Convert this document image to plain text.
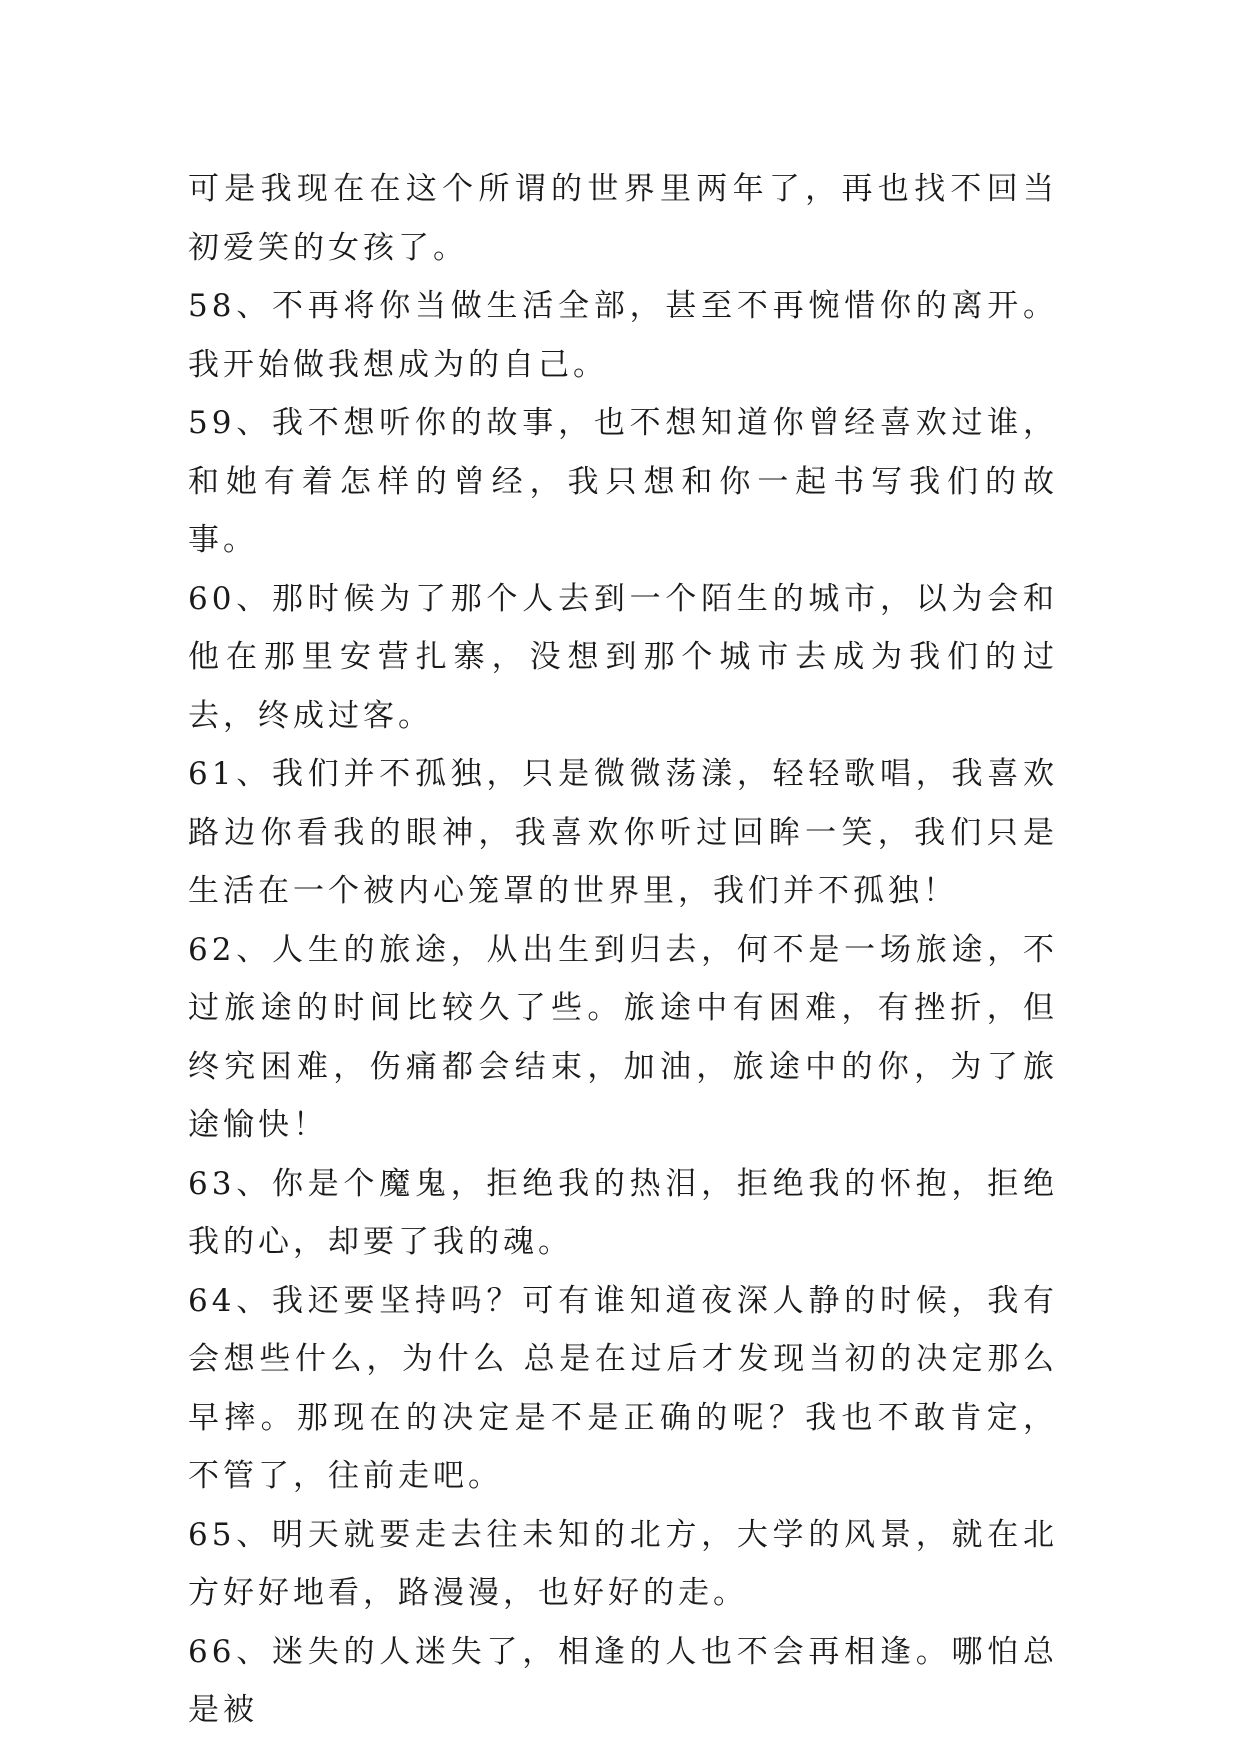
可是我现在在这个所谓的世界里两年了，再也找不回当初爱笑的女孩了。

58、不再将你当做生活全部，甚至不再惋惜你的离开。我开始做我想成为的自己。

59、我不想听你的故事，也不想知道你曾经喜欢过谁，和她有着怎样的曾经，我只想和你一起书写我们的故事。

60、那时候为了那个人去到一个陌生的城市，以为会和他在那里安营扎寨，没想到那个城市去成为我们的过去，终成过客。

61、我们并不孤独，只是微微荡漾，轻轻歌唱，我喜欢路边你看我的眼神，我喜欢你听过回眸一笑，我们只是生活在一个被内心笼罩的世界里，我们并不孤独！

62、人生的旅途，从出生到归去，何不是一场旅途，不过旅途的时间比较久了些。旅途中有困难，有挫折，但终究困难，伤痛都会结束，加油，旅途中的你，为了旅途愉快！

63、你是个魔鬼，拒绝我的热泪，拒绝我的怀抱，拒绝我的心，却要了我的魂。

64、我还要坚持吗？可有谁知道夜深人静的时候，我有会想些什么，为什么 总是在过后才发现当初的决定那么早摔。那现在的决定是不是正确的呢？我也不敢肯定，不管了，往前走吧。

65、明天就要走去往未知的北方，大学的风景，就在北方好好地看，路漫漫，也好好的走。

66、迷失的人迷失了，相逢的人也不会再相逢。哪怕总是被
